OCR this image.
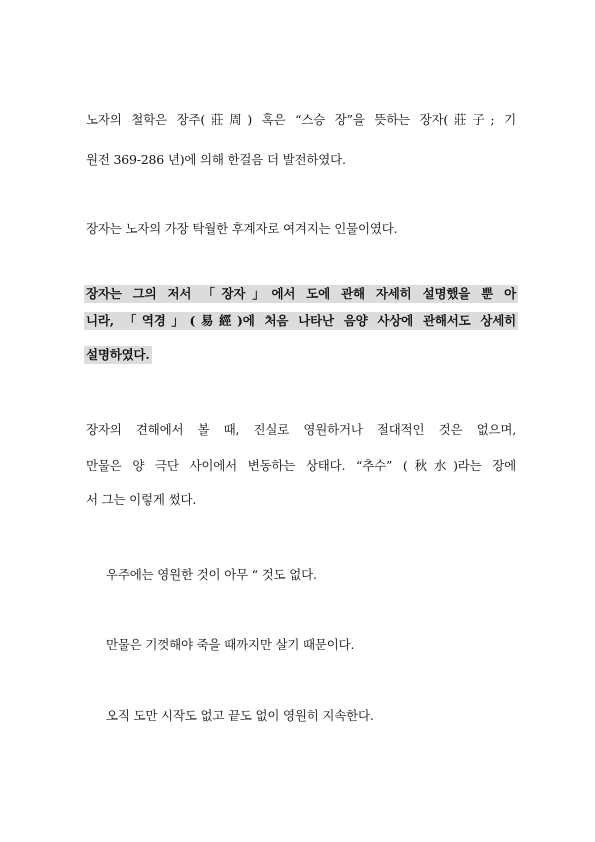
노자의 철학은 장주(莊周) 혹은 “스승 장”을 뜻하는 장자(莊子; 기
원전 369-286 년)에 의해 한걸음 더 발전하였다.
장자는 노자의 가장 탁월한 후계자로 여겨지는 인물이였다.
장자는 그의 저서 「장자」에서 도에 관해 자세히 설명했을 뿐 아
니라, 「역경」(易經)에 처음 나타난 음양 사상에 관해서도 상세히
설명하였다.
장자의 견해에서 볼 때, 진실로 영원하거나 절대적인 것은 없으며,
만물은 양 극단 사이에서 변동하는 상태다. “추수” (秋水)라는 장에
서 그는 이렇게 썼다.
우주에는 영원한 것이 아무 “ 것도 없다.
만물은 기껏해야 죽을 때까지만 살기 때문이다.
오직 도만 시작도 없고 끝도 없이 영원히 지속한다.
